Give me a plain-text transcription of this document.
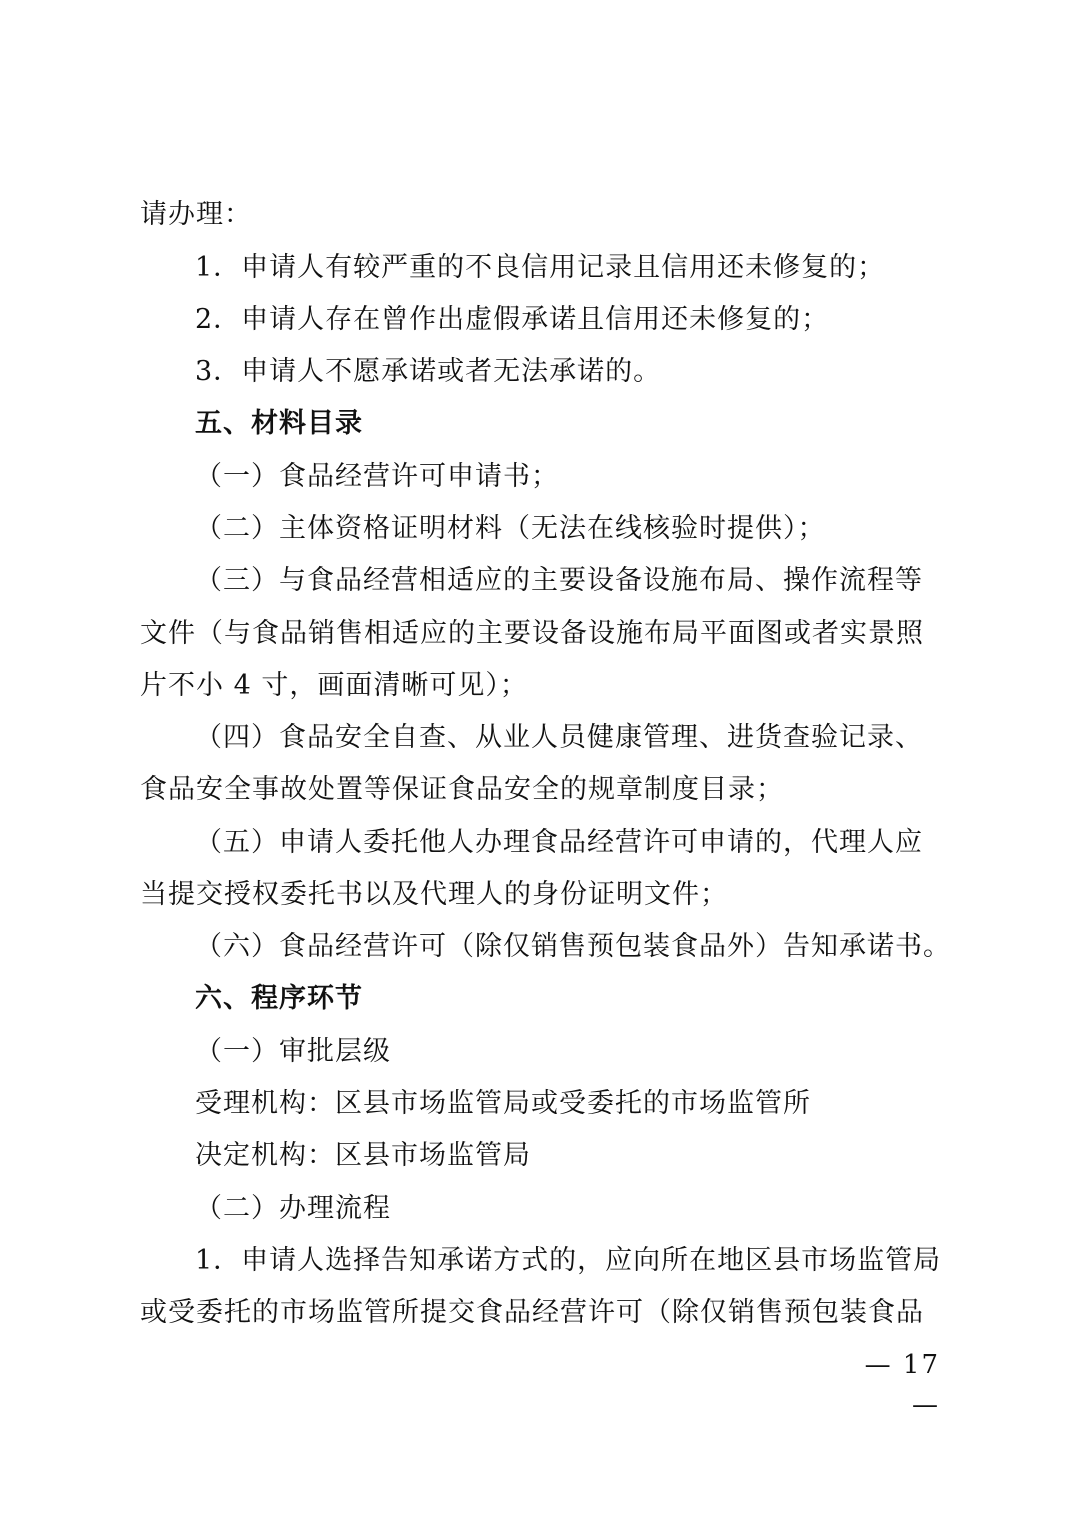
请办理：

1．申请人有较严重的不良信用记录且信用还未修复的；

2．申请人存在曾作出虚假承诺且信用还未修复的；

3．申请人不愿承诺或者无法承诺的。

五、材料目录

（一）食品经营许可申请书；

（二）主体资格证明材料（无法在线核验时提供）；

（三）与食品经营相适应的主要设备设施布局、操作流程等

文件（与食品销售相适应的主要设备设施布局平面图或者实景照

片不小 4 寸，画面清晰可见）；

（四）食品安全自查、从业人员健康管理、进货查验记录、

食品安全事故处置等保证食品安全的规章制度目录；

（五）申请人委托他人办理食品经营许可申请的，代理人应

当提交授权委托书以及代理人的身份证明文件；

（六）食品经营许可（除仅销售预包装食品外）告知承诺书。

六、程序环节

（一）审批层级

受理机构：区县市场监管局或受委托的市场监管所

决定机构：区县市场监管局

（二）办理流程

1．申请人选择告知承诺方式的，应向所在地区县市场监管局

或受委托的市场监管所提交食品经营许可（除仅销售预包装食品

— 17 —
